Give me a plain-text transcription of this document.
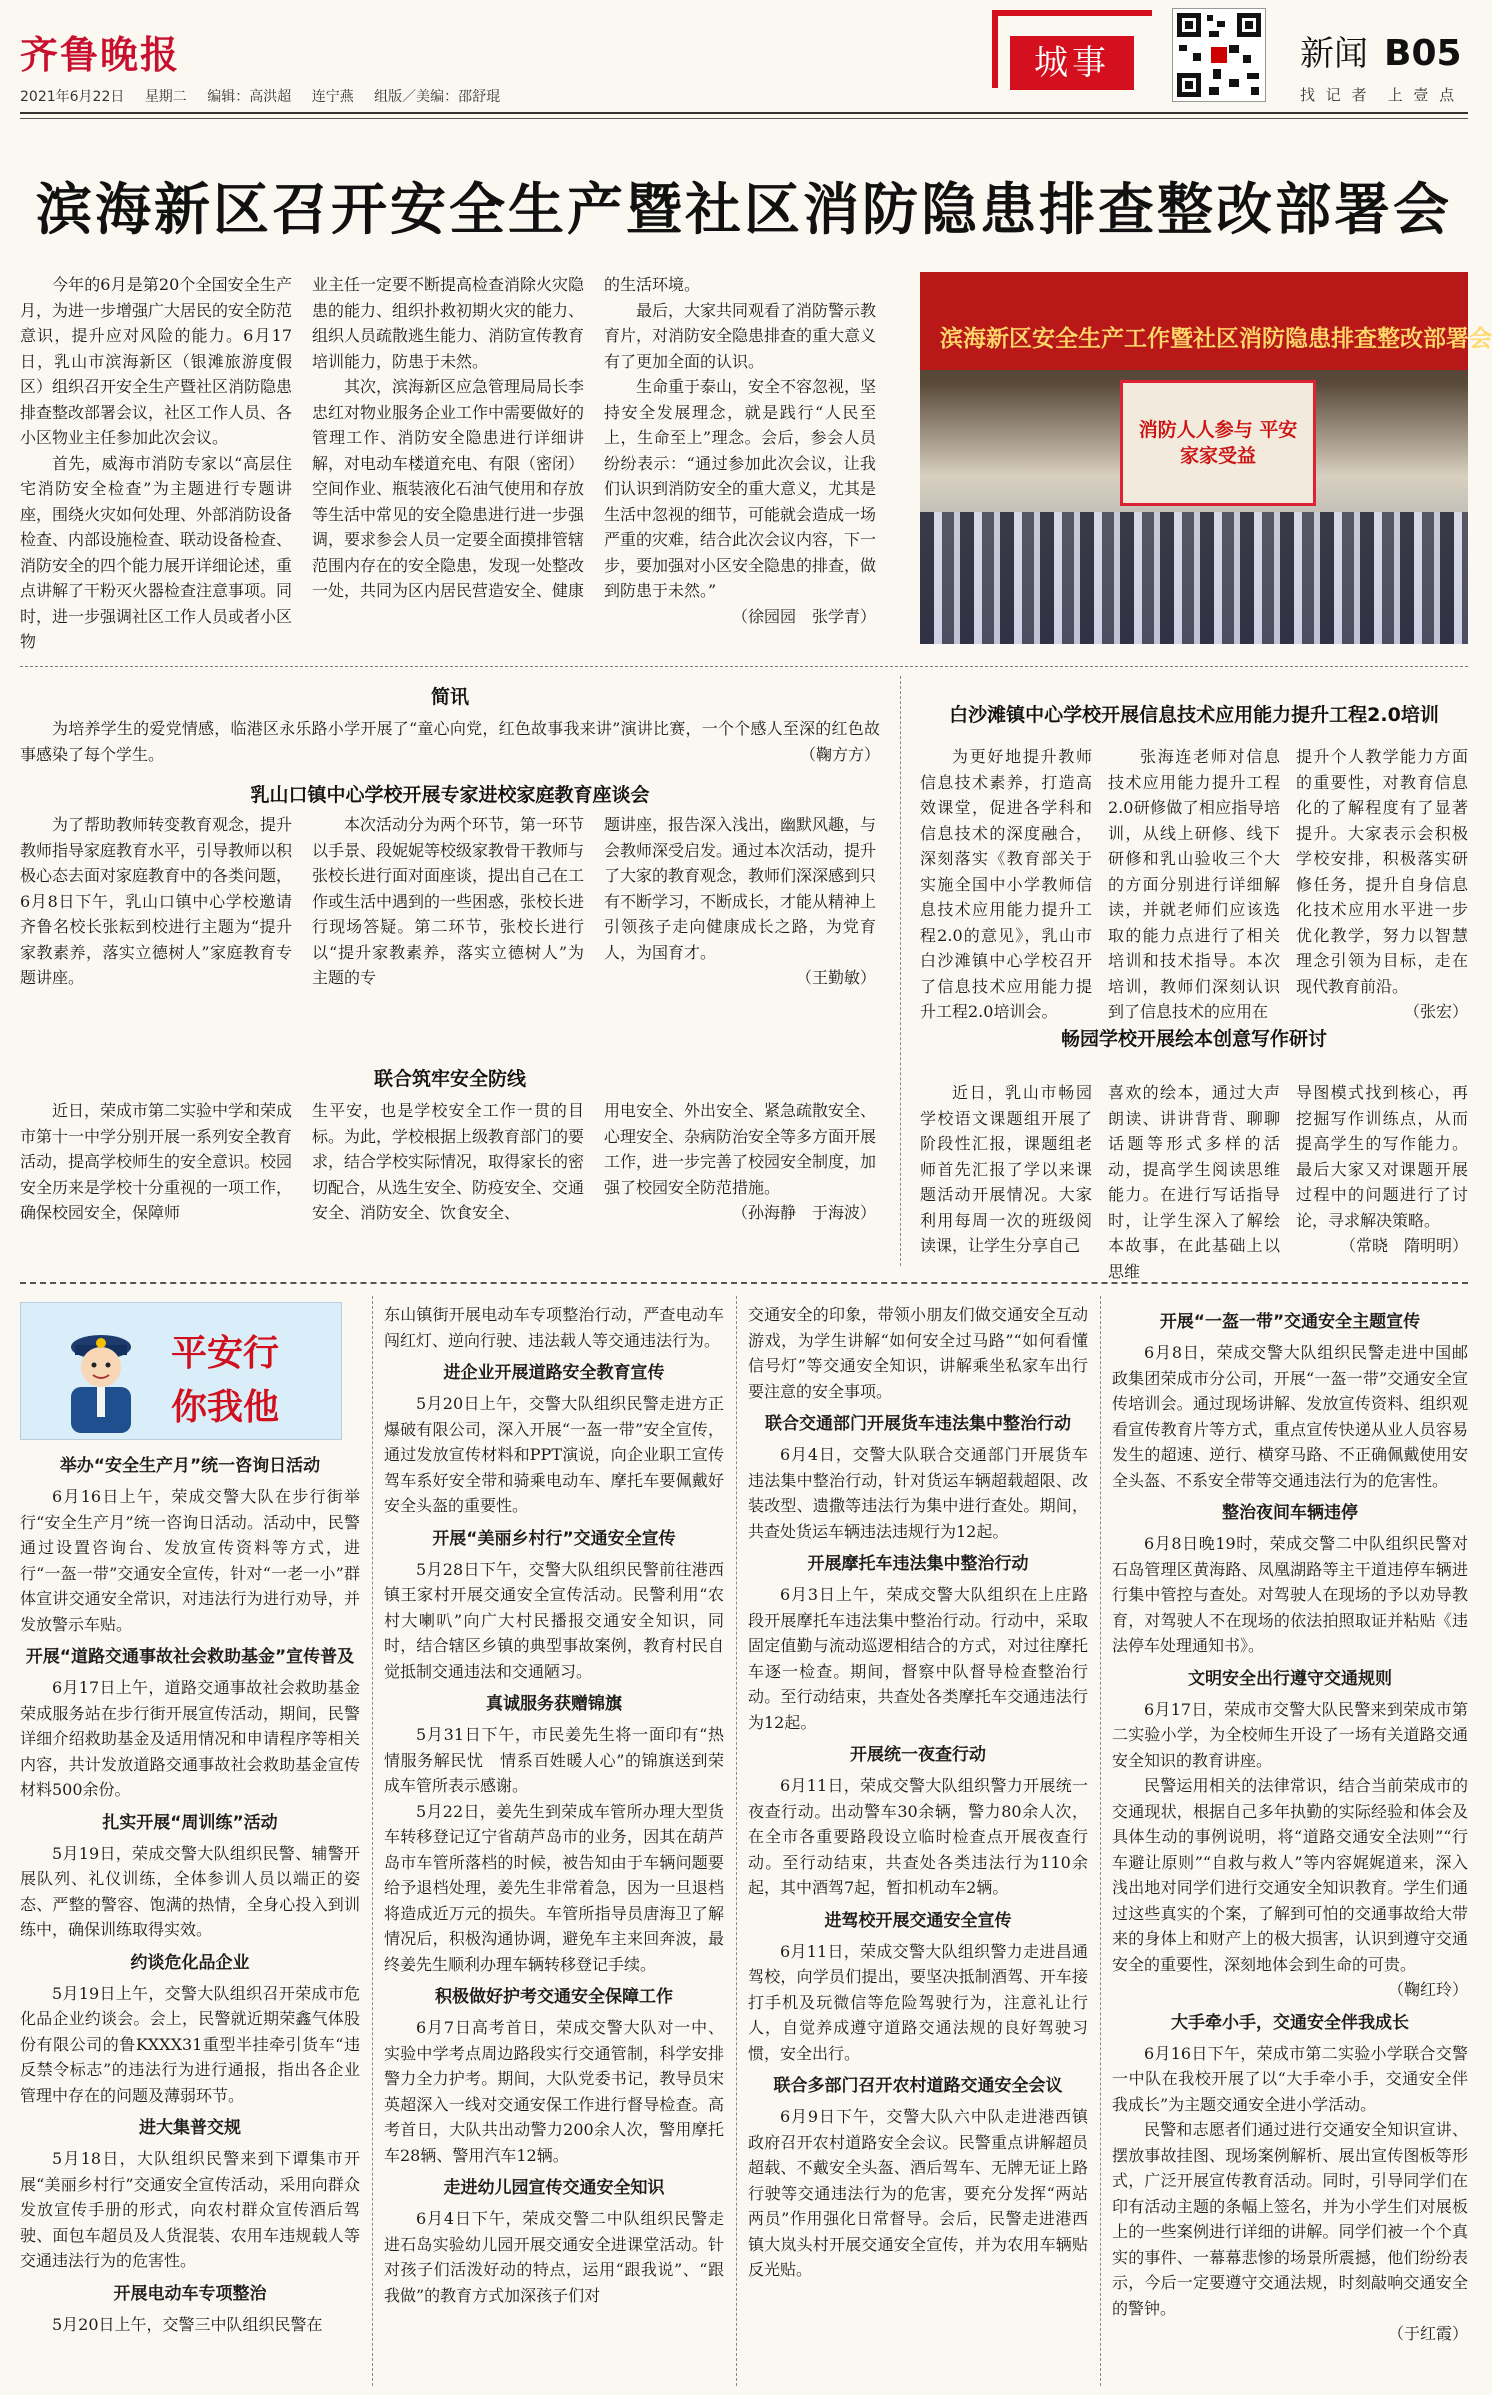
齐鲁晚报
2021年6月22日 星期二 编辑：高洪超 连宁燕 组版／美编：邵舒琨
城事	新闻 B05
找 记 者　 上 壹 点
滨海新区召开安全生产暨社区消防隐患排查整改部署会

今年的6月是第20个全国安全生产月，为进一步增强广大居民的安全防范意识，提升应对风险的能力。6月17日，乳山市滨海新区（银滩旅游度假区）组织召开安全生产暨社区消防隐患排查整改部署会议，社区工作人员、各小区物业主任参加此次会议。

首先，威海市消防专家以“高层住宅消防安全检查”为主题进行专题讲座，围绕火灾如何处理、外部消防设备检查、内部设施检查、联动设备检查、消防安全的四个能力展开详细论述，重点讲解了干粉灭火器检查注意事项。同时，进一步强调社区工作人员或者小区物

业主任一定要不断提高检查消除火灾隐患的能力、组织扑救初期火灾的能力、组织人员疏散逃生能力、消防宣传教育培训能力，防患于未然。

其次，滨海新区应急管理局局长李忠红对物业服务企业工作中需要做好的管理工作、消防安全隐患进行详细讲解，对电动车楼道充电、有限（密闭）空间作业、瓶装液化石油气使用和存放等生活中常见的安全隐患进行进一步强调，要求参会人员一定要全面摸排管辖范围内存在的安全隐患，发现一处整改一处，共同为区内居民营造安全、健康

的生活环境。

最后，大家共同观看了消防警示教育片，对消防安全隐患排查的重大意义有了更加全面的认识。

生命重于泰山，安全不容忽视，坚持安全发展理念，就是践行“人民至上，生命至上”理念。会后，参会人员纷纷表示：“通过参加此次会议，让我们认识到消防安全的重大意义，尤其是生活中忽视的细节，可能就会造成一场严重的灾难，结合此次会议内容，下一步，要加强对小区安全隐患的排查，做到防患于未然。”

（徐园园　张学青）
滨海新区安全生产工作暨社区消防隐患排查整改部署会
消防人人参与 平安家家受益
简讯

为培养学生的爱党情感，临港区永乐路小学开展了“童心向党，红色故事我来讲”演讲比赛，一个个感人至深的红色故事感染了每个学生。	（鞠方方）
乳山口镇中心学校开展专家进校家庭教育座谈会

为了帮助教师转变教育观念，提升教师指导家庭教育水平，引导教师以积极心态去面对家庭教育中的各类问题，6月8日下午，乳山口镇中心学校邀请齐鲁名校长张耘到校进行主题为“提升家教素养，落实立德树人”家庭教育专题讲座。

本次活动分为两个环节，第一环节以手景、段妮妮等校级家教骨干教师与张校长进行面对面座谈，提出自己在工作或生活中遇到的一些困惑，张校长进行现场答疑。第二环节，张校长进行以“提升家教素养，落实立德树人”为主题的专

题讲座，报告深入浅出，幽默风趣，与会教师深受启发。通过本次活动，提升了大家的教育观念，教师们深深感到只有不断学习，不断成长，才能从精神上引领孩子走向健康成长之路，为党育人，为国育才。

（王勤敏）
联合筑牢安全防线

近日，荣成市第二实验中学和荣成市第十一中学分别开展一系列安全教育活动，提高学校师生的安全意识。校园安全历来是学校十分重视的一项工作，确保校园安全，保障师

生平安，也是学校安全工作一贯的目标。为此，学校根据上级教育部门的要求，结合学校实际情况，取得家长的密切配合，从选生安全、防疫安全、交通安全、消防安全、饮食安全、

用电安全、外出安全、紧急疏散安全、心理安全、杂病防治安全等多方面开展工作，进一步完善了校园安全制度，加强了校园安全防范措施。

（孙海静　于海波）
白沙滩镇中心学校开展信息技术应用能力提升工程2.0培训

为更好地提升教师信息技术素养，打造高效课堂，促进各学科和信息技术的深度融合，深刻落实《教育部关于实施全国中小学教师信息技术应用能力提升工程2.0的意见》，乳山市白沙滩镇中心学校召开了信息技术应用能力提升工程2.0培训会。

张海连老师对信息技术应用能力提升工程2.0研修做了相应指导培训，从线上研修、线下研修和乳山验收三个大的方面分别进行详细解读，并就老师们应该选取的能力点进行了相关培训和技术指导。本次培训，教师们深刻认识到了信息技术的应用在

提升个人教学能力方面的重要性，对教育信息化的了解程度有了显著提升。大家表示会积极学校安排，积极落实研修任务，提升自身信息化技术应用水平进一步优化教学，努力以智慧理念引领为目标，走在现代教育前沿。

（张宏）
畅园学校开展绘本创意写作研讨

近日，乳山市畅园学校语文课题组开展了阶段性汇报，课题组老师首先汇报了学以来课题活动开展情况。大家利用每周一次的班级阅读课，让学生分享自己

喜欢的绘本，通过大声朗读、讲讲背背、聊聊话题等形式多样的活动，提高学生阅读思维能力。在进行写话指导时，让学生深入了解绘本故事，在此基础上以思维

导图模式找到核心，再挖掘写作训练点，从而提高学生的写作能力。最后大家又对课题开展过程中的问题进行了讨论，寻求解决策略。

（常晓　隋明明）
平安行
你我他
举办“安全生产月”统一咨询日活动

6月16日上午，荣成交警大队在步行街举行“安全生产月”统一咨询日活动。活动中，民警通过设置咨询台、发放宣传资料等方式，进行“一盔一带”交通安全宣传，针对“一老一小”群体宣讲交通安全常识，对违法行为进行劝导，并发放警示车贴。

开展“道路交通事故社会救助基金”宣传普及

6月17日上午，道路交通事故社会救助基金荣成服务站在步行街开展宣传活动，期间，民警详细介绍救助基金及适用情况和申请程序等相关内容，共计发放道路交通事故社会救助基金宣传材料500余份。

扎实开展“周训练”活动

5月19日，荣成交警大队组织民警、辅警开展队列、礼仪训练，全体参训人员以端正的姿态、严整的警容、饱满的热情，全身心投入到训练中，确保训练取得实效。

约谈危化品企业

5月19日上午，交警大队组织召开荣成市危化品企业约谈会。会上，民警就近期荣鑫气体股份有限公司的鲁KXXX31重型半挂牵引货车“违反禁令标志”的违法行为进行通报，指出各企业管理中存在的问题及薄弱环节。

进大集普交规

5月18日，大队组织民警来到下谭集市开展“美丽乡村行”交通安全宣传活动，采用向群众发放宣传手册的形式，向农村群众宣传酒后驾驶、面包车超员及人货混装、农用车违规载人等交通违法行为的危害性。

开展电动车专项整治

5月20日上午，交警三中队组织民警在

东山镇街开展电动车专项整治行动，严查电动车闯红灯、逆向行驶、违法载人等交通违法行为。

进企业开展道路安全教育宣传

5月20日上午，交警大队组织民警走进方正爆破有限公司，深入开展“一盔一带”安全宣传，通过发放宣传材料和PPT演说，向企业职工宣传驾车系好安全带和骑乘电动车、摩托车要佩戴好安全头盔的重要性。

开展“美丽乡村行”交通安全宣传

5月28日下午，交警大队组织民警前往港西镇王家村开展交通安全宣传活动。民警利用“农村大喇叭”向广大村民播报交通安全知识，同时，结合辖区乡镇的典型事故案例，教育村民自觉抵制交通违法和交通陋习。

真诚服务获赠锦旗

5月31日下午，市民姜先生将一面印有“热情服务解民忧　情系百姓暖人心”的锦旗送到荣成车管所表示感谢。

5月22日，姜先生到荣成车管所办理大型货车转移登记辽宁省葫芦岛市的业务，因其在葫芦岛市车管所落档的时候，被告知由于车辆问题要给予退档处理，姜先生非常着急，因为一旦退档将造成近万元的损失。车管所指导员唐海卫了解情况后，积极沟通协调，避免车主来回奔波，最终姜先生顺利办理车辆转移登记手续。

积极做好护考交通安全保障工作

6月7日高考首日，荣成交警大队对一中、实验中学考点周边路段实行交通管制，科学安排警力全力护考。期间，大队党委书记，教导员宋英超深入一线对交通安保工作进行督导检查。高考首日，大队共出动警力200余人次，警用摩托车28辆、警用汽车12辆。

走进幼儿园宣传交通安全知识

6月4日下午，荣成交警二中队组织民警走进石岛实验幼儿园开展交通安全进课堂活动。针对孩子们活泼好动的特点，运用“跟我说”、“跟我做”的教育方式加深孩子们对

交通安全的印象，带领小朋友们做交通安全互动游戏，为学生讲解“如何安全过马路”“如何看懂信号灯”等交通安全知识，讲解乘坐私家车出行要注意的安全事项。

联合交通部门开展货车违法集中整治行动

6月4日，交警大队联合交通部门开展货车违法集中整治行动，针对货运车辆超载超限、改装改型、遗撒等违法行为集中进行查处。期间，共查处货运车辆违法违规行为12起。

开展摩托车违法集中整治行动

6月3日上午，荣成交警大队组织在上庄路段开展摩托车违法集中整治行动。行动中，采取固定值勤与流动巡逻相结合的方式，对过往摩托车逐一检查。期间，督察中队督导检查整治行动。至行动结束，共查处各类摩托车交通违法行为12起。

开展统一夜查行动

6月11日，荣成交警大队组织警力开展统一夜查行动。出动警车30余辆，警力80余人次，在全市各重要路段设立临时检查点开展夜查行动。至行动结束，共查处各类违法行为110余起，其中酒驾7起，暂扣机动车2辆。

进驾校开展交通安全宣传

6月11日，荣成交警大队组织警力走进昌通驾校，向学员们提出，要坚决抵制酒驾、开车接打手机及玩微信等危险驾驶行为，注意礼让行人，自觉养成遵守道路交通法规的良好驾驶习惯，安全出行。

联合多部门召开农村道路交通安全会议

6月9日下午，交警大队六中队走进港西镇政府召开农村道路安全会议。民警重点讲解超员超载、不戴安全头盔、酒后驾车、无牌无证上路行驶等交通违法行为的危害，要充分发挥“两站两员”作用强化日常督导。会后，民警走进港西镇大岚头村开展交通安全宣传，并为农用车辆贴反光贴。

开展“一盔一带”交通安全主题宣传

6月8日，荣成交警大队组织民警走进中国邮政集团荣成市分公司，开展“一盔一带”交通安全宣传培训会。通过现场讲解、发放宣传资料、组织观看宣传教育片等方式，重点宣传快递从业人员容易发生的超速、逆行、横穿马路、不正确佩戴使用安全头盔、不系安全带等交通违法行为的危害性。

整治夜间车辆违停

6月8日晚19时，荣成交警二中队组织民警对石岛管理区黄海路、凤凰湖路等主干道违停车辆进行集中管控与查处。对驾驶人在现场的予以劝导教育，对驾驶人不在现场的依法拍照取证并粘贴《违法停车处理通知书》。

文明安全出行遵守交通规则

6月17日，荣成市交警大队民警来到荣成市第二实验小学，为全校师生开设了一场有关道路交通安全知识的教育讲座。

民警运用相关的法律常识，结合当前荣成市的交通现状，根据自己多年执勤的实际经验和体会及具体生动的事例说明，将“道路交通安全法则”“行车避让原则”“自救与救人”等内容娓娓道来，深入浅出地对同学们进行交通安全知识教育。学生们通过这些真实的个案，了解到可怕的交通事故给大带来的身体上和财产上的极大损害，认识到遵守交通安全的重要性，深刻地体会到生命的可贵。

（鞠红玲）
大手牵小手，交通安全伴我成长

6月16日下午，荣成市第二实验小学联合交警一中队在我校开展了以“大手牵小手，交通安全伴我成长”为主题交通安全进小学活动。

民警和志愿者们通过进行交通安全知识宣讲、摆放事故挂图、现场案例解析、展出宣传图板等形式，广泛开展宣传教育活动。同时，引导同学们在印有活动主题的条幅上签名，并为小学生们对展板上的一些案例进行详细的讲解。同学们被一个个真实的事件、一幕幕悲惨的场景所震撼，他们纷纷表示，今后一定要遵守交通法规，时刻敲响交通安全的警钟。

（于红霞）
